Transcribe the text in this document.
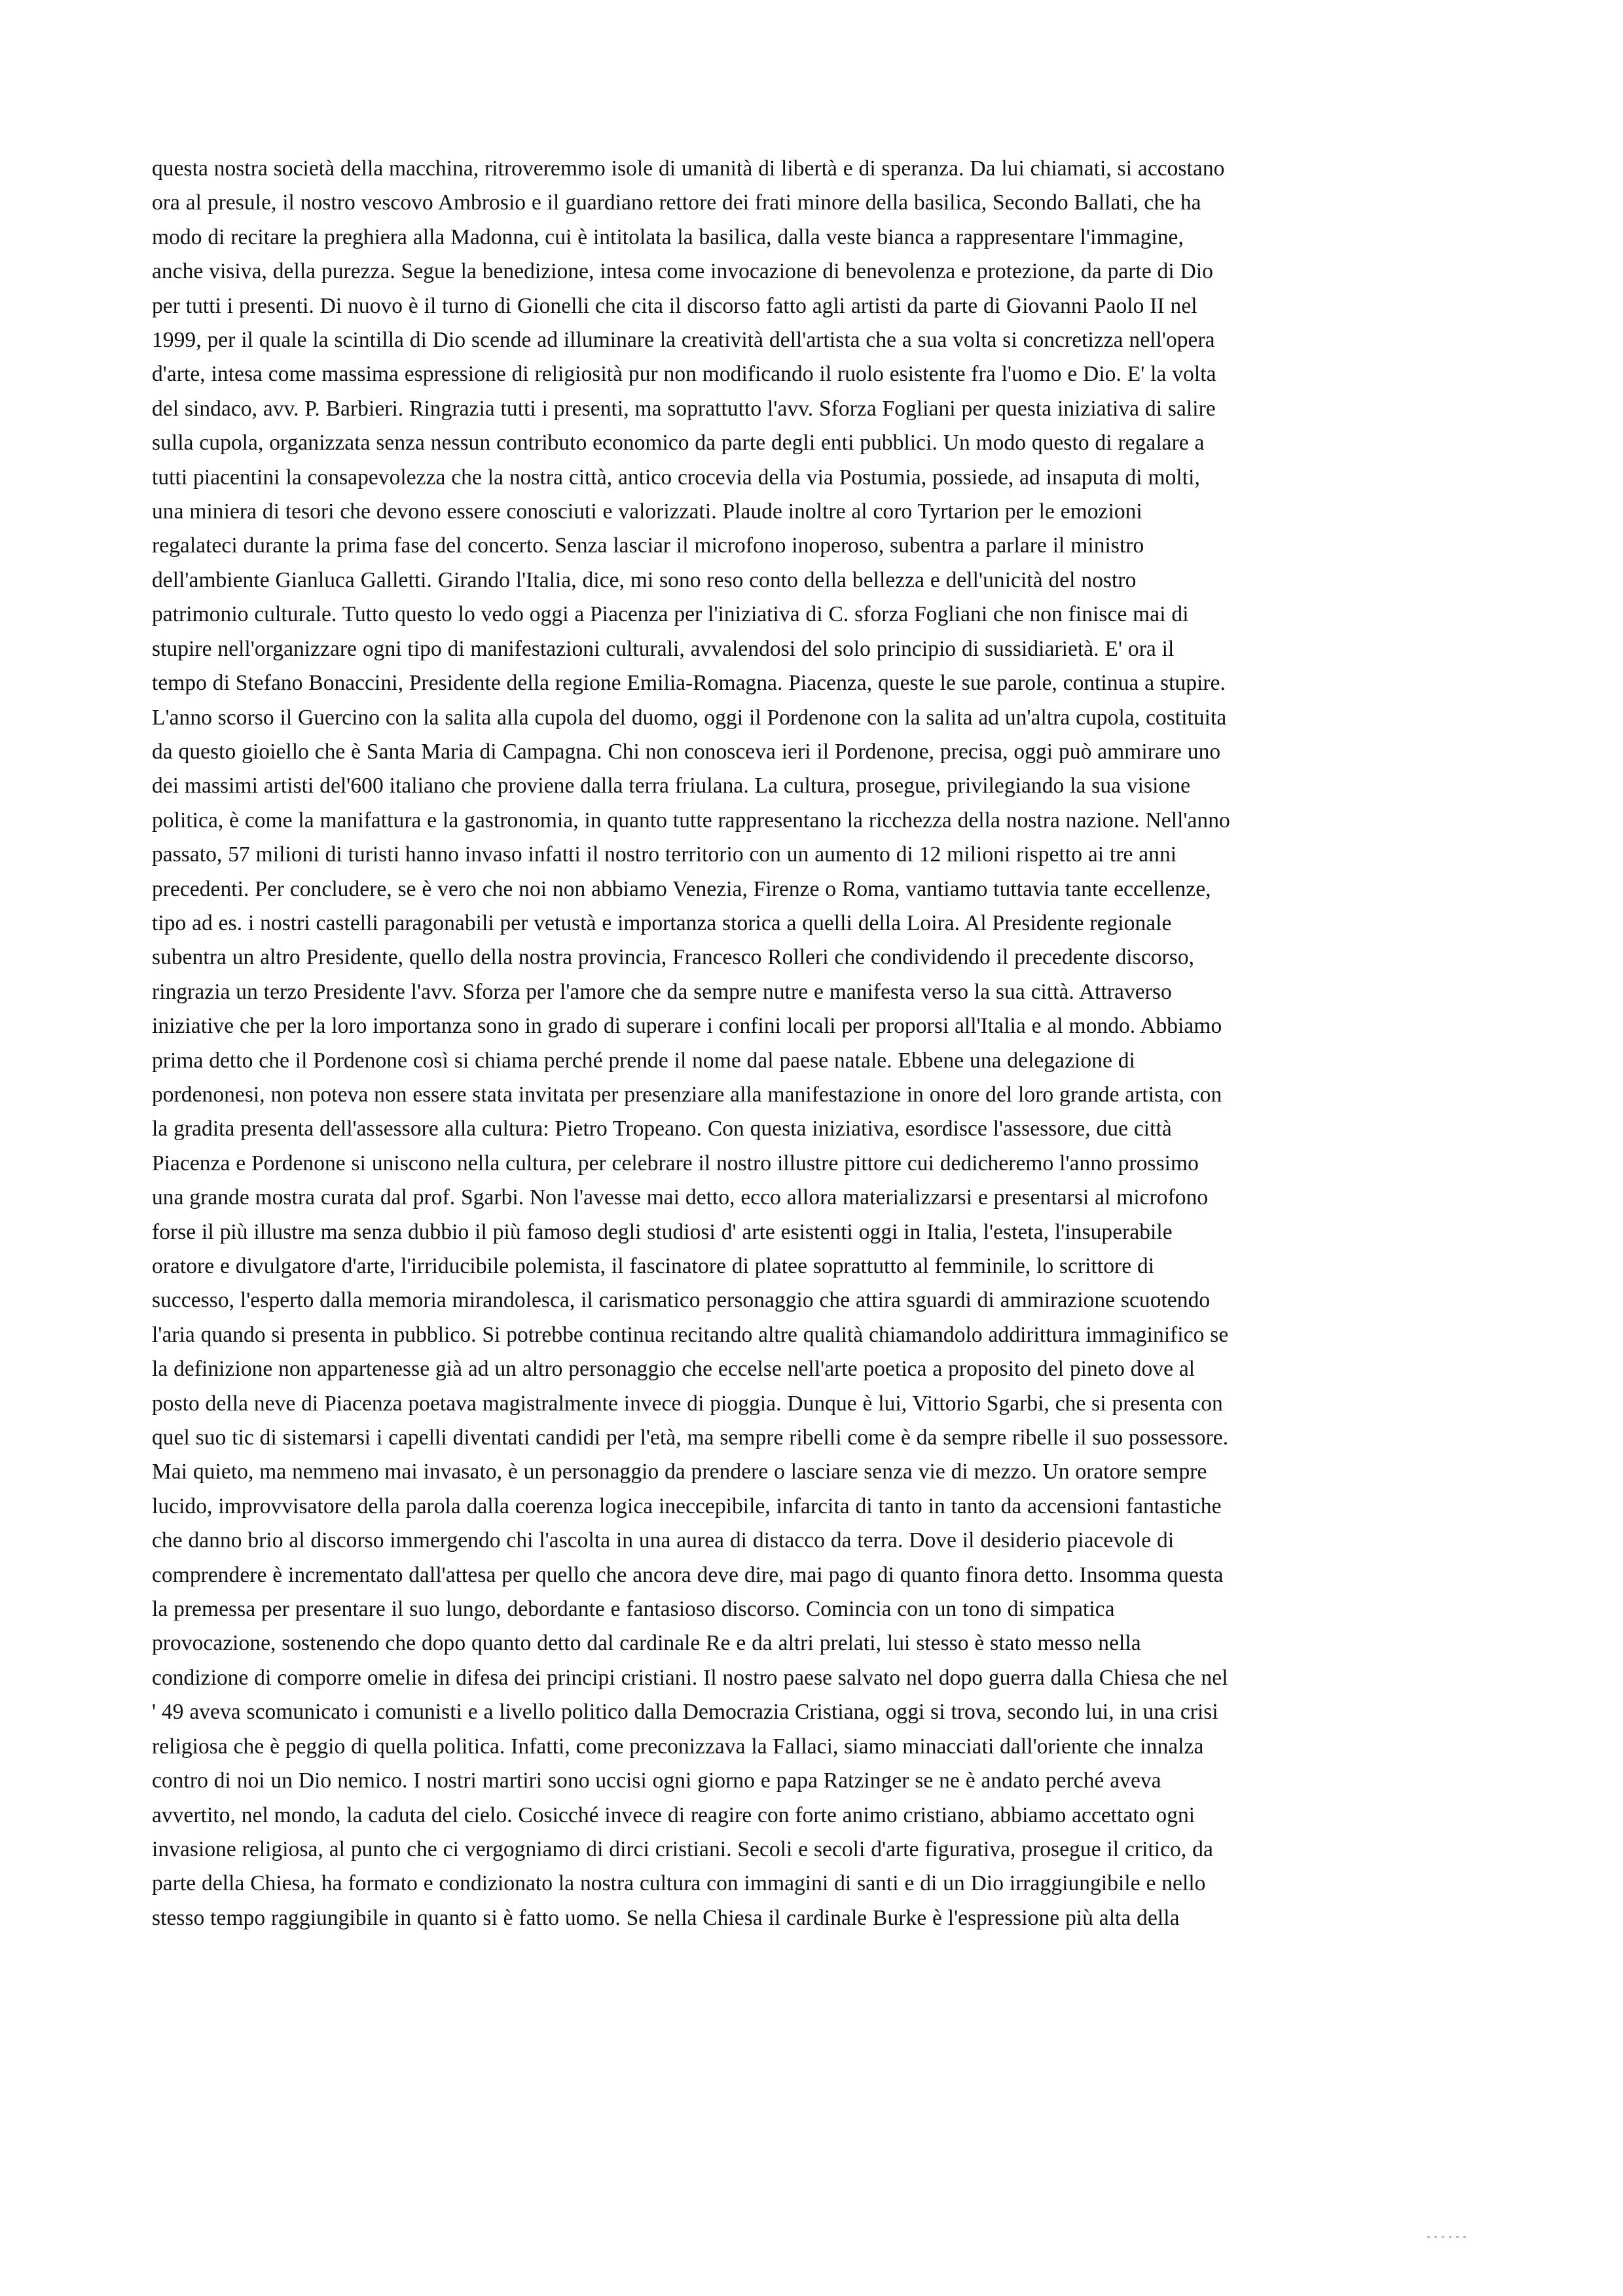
questa nostra società della macchina, ritroveremmo isole di umanità di libertà e di speranza. Da lui chiamati, si accostano
ora al presule, il nostro vescovo Ambrosio e il guardiano rettore dei frati minore della basilica, Secondo Ballati, che ha
modo di recitare la preghiera alla Madonna, cui è intitolata la basilica, dalla veste bianca a rappresentare l'immagine,
anche visiva, della purezza. Segue la benedizione, intesa come invocazione di benevolenza e protezione, da parte di Dio
per tutti i presenti. Di nuovo è il turno di Gionelli che cita il discorso fatto agli artisti da parte di Giovanni Paolo II nel
1999, per il quale la scintilla di Dio scende ad illuminare la creatività dell'artista che a sua volta si concretizza nell'opera
d'arte, intesa come massima espressione di religiosità pur non modificando il ruolo esistente fra l'uomo e Dio. E' la volta
del sindaco, avv. P. Barbieri. Ringrazia tutti i presenti, ma soprattutto l'avv. Sforza Fogliani per questa iniziativa di salire
sulla cupola, organizzata senza nessun contributo economico da parte degli enti pubblici. Un modo questo di regalare a
tutti piacentini la consapevolezza che la nostra città, antico crocevia della via Postumia, possiede, ad insaputa di molti,
una miniera di tesori che devono essere conosciuti e valorizzati. Plaude inoltre al coro Tyrtarion per le emozioni
regalateci durante la prima fase del concerto. Senza lasciar il microfono inoperoso, subentra a parlare il ministro
dell'ambiente Gianluca Galletti. Girando l'Italia, dice, mi sono reso conto della bellezza e dell'unicità del nostro
patrimonio culturale. Tutto questo lo vedo oggi a Piacenza per l'iniziativa di C. sforza Fogliani che non finisce mai di
stupire nell'organizzare ogni tipo di manifestazioni culturali, avvalendosi del solo principio di sussidiarietà. E' ora il
tempo di Stefano Bonaccini, Presidente della regione Emilia-Romagna. Piacenza, queste le sue parole, continua a stupire.
L'anno scorso il Guercino con la salita alla cupola del duomo, oggi il Pordenone con la salita ad un'altra cupola, costituita
da questo gioiello che è Santa Maria di Campagna. Chi non conosceva ieri il Pordenone, precisa, oggi può ammirare uno
dei massimi artisti del'600 italiano che proviene dalla terra friulana. La cultura, prosegue, privilegiando la sua visione
politica, è come la manifattura e la gastronomia, in quanto tutte rappresentano la ricchezza della nostra nazione. Nell'anno
passato, 57 milioni di turisti hanno invaso infatti il nostro territorio con un aumento di 12 milioni rispetto ai tre anni
precedenti. Per concludere, se è vero che noi non abbiamo Venezia, Firenze o Roma, vantiamo tuttavia tante eccellenze,
tipo ad es. i nostri castelli paragonabili per vetustà e importanza storica a quelli della Loira. Al Presidente regionale
subentra un altro Presidente, quello della nostra provincia, Francesco Rolleri che condividendo il precedente discorso,
ringrazia un terzo Presidente l'avv. Sforza per l'amore che da sempre nutre e manifesta verso la sua città. Attraverso
iniziative che per la loro importanza sono in grado di superare i confini locali per proporsi all'Italia e al mondo. Abbiamo
prima detto che il Pordenone così si chiama perché prende il nome dal paese natale. Ebbene una delegazione di
pordenonesi, non poteva non essere stata invitata per presenziare alla manifestazione in onore del loro grande artista, con
la gradita presenta dell'assessore alla cultura: Pietro Tropeano. Con questa iniziativa, esordisce l'assessore, due città
Piacenza e Pordenone si uniscono nella cultura, per celebrare il nostro illustre pittore cui dedicheremo l'anno prossimo
una grande mostra curata dal prof. Sgarbi. Non l'avesse mai detto, ecco allora materializzarsi e presentarsi al microfono
forse il più illustre ma senza dubbio il più famoso degli studiosi d' arte esistenti oggi in Italia, l'esteta, l'insuperabile
oratore e divulgatore d'arte, l'irriducibile polemista, il fascinatore di platee soprattutto al femminile, lo scrittore di
successo, l'esperto dalla memoria mirandolesca, il carismatico personaggio che attira sguardi di ammirazione scuotendo
l'aria quando si presenta in pubblico. Si potrebbe continua recitando altre qualità chiamandolo addirittura immaginifico se
la definizione non appartenesse già ad un altro personaggio che eccelse nell'arte poetica a proposito del pineto dove al
posto della neve di Piacenza poetava magistralmente invece di pioggia. Dunque è lui, Vittorio Sgarbi, che si presenta con
quel suo tic di sistemarsi i capelli diventati candidi per l'età, ma sempre ribelli come è da sempre ribelle il suo possessore.
Mai quieto, ma nemmeno mai invasato, è un personaggio da prendere o lasciare senza vie di mezzo. Un oratore sempre
lucido, improvvisatore della parola dalla coerenza logica ineccepibile, infarcita di tanto in tanto da accensioni fantastiche
che danno brio al discorso immergendo chi l'ascolta in una aurea di distacco da terra. Dove il desiderio piacevole di
comprendere è incrementato dall'attesa per quello che ancora deve dire, mai pago di quanto finora detto. Insomma questa
la premessa per presentare il suo lungo, debordante e fantasioso discorso. Comincia con un tono di simpatica
provocazione, sostenendo che dopo quanto detto dal cardinale Re e da altri prelati, lui stesso è stato messo nella
condizione di comporre omelie in difesa dei principi cristiani. Il nostro paese salvato nel dopo guerra dalla Chiesa che nel
' 49 aveva scomunicato i comunisti e a livello politico dalla Democrazia Cristiana, oggi si trova, secondo lui, in una crisi
religiosa che è peggio di quella politica. Infatti, come preconizzava la Fallaci, siamo minacciati dall'oriente che innalza
contro di noi un Dio nemico. I nostri martiri sono uccisi ogni giorno e papa Ratzinger se ne è andato perché aveva
avvertito, nel mondo, la caduta del cielo. Cosicché invece di reagire con forte animo cristiano, abbiamo accettato ogni
invasione religiosa, al punto che ci vergogniamo di dirci cristiani. Secoli e secoli d'arte figurativa, prosegue il critico, da
parte della Chiesa, ha formato e condizionato la nostra cultura con immagini di santi e di un Dio irraggiungibile e nello
stesso tempo raggiungibile in quanto si è fatto uomo. Se nella Chiesa il cardinale Burke è l'espressione più alta della
